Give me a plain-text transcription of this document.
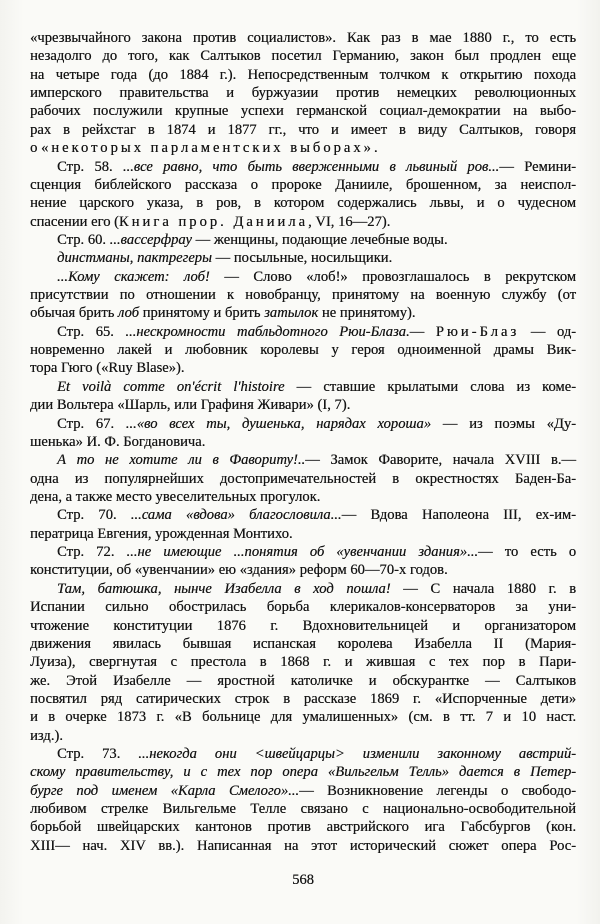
«чрезвычайного закона против социалистов». Как раз в мае 1880 г., то есть
незадолго до того, как Салтыков посетил Германию, закон был продлен еще
на четыре года (до 1884 г.). Непосредственным толчком к открытию похода
имперского правительства и буржуазии против немецких революционных
рабочих послужили крупные успехи германской социал-демократии на выбо-
рах в рейхстаг в 1874 и 1877 гг., что и имеет в виду Салтыков, говоря
о «некоторых парламентских выборах».
Стр. 58. ...все равно, что быть вверженными в львиный ров...— Ремини-
сценция библейского рассказа о пророке Данииле, брошенном, за неиспол-
нение царского указа, в ров, в котором содержались львы, и о чудесном
спасении его (Книга прор. Даниила, VI, 16—27).
Стр. 60. ...вассерфрау — женщины, подающие лечебные воды.
динстманы, пактрегеры — посыльные, носильщики.
...Кому скажет: лоб! — Слово «лоб!» провозглашалось в рекрутском
присутствии по отношении к новобранцу, принятому на военную службу (от
обычая брить лоб принятому и брить затылок не принятому).
Стр. 65. ...нескромности табльдотного Рюи-Блаза.— Рюи-Блаз — од-
новременно лакей и любовник королевы у героя одноименной драмы Вик-
тора Гюго («Ruy Blase»).
Et voilà comme on'écrit l'histoire — ставшие крылатыми слова из коме-
дии Вольтера «Шарль, или Графиня Живари» (I, 7).
Стр. 67. ...«во всех ты, душенька, нарядах хороша» — из поэмы «Ду-
шенька» И. Ф. Богдановича.
А то не хотите ли в Фавориту!..— Замок Фаворите, начала XVIII в.—
одна из популярнейших достопримечательностей в окрестностях Баден-Ба-
дена, а также место увеселительных прогулок.
Стр. 70. ...сама «вдова» благословила...— Вдова Наполеона III, ех-им-
ператрица Евгения, урожденная Монтихо.
Стр. 72. ...не имеющие ...понятия об «увенчании здания»...— то есть о
конституции, об «увенчании» ею «здания» реформ 60—70-х годов.
Там, батюшка, нынче Изабелла в ход пошла! — С начала 1880 г. в
Испании сильно обострилась борьба клерикалов-консерваторов за уни-
чтожение конституции 1876 г. Вдохновительницей и организатором
движения явилась бывшая испанская королева Изабелла II (Мария-
Луиза), свергнутая с престола в 1868 г. и жившая с тех пор в Пари-
же. Этой Изабелле — яростной католичке и обскурантке — Салтыков
посвятил ряд сатирических строк в рассказе 1869 г. «Испорченные дети»
и в очерке 1873 г. «В больнице для умалишенных» (см. в тт. 7 и 10 наст.
изд.).
Стр. 73. ...некогда они <швейцарцы> изменили законному австрий-
скому правительству, и с тех пор опера «Вильгельм Телль» дается в Петер-
бурге под именем «Карла Смелого»...— Возникновение легенды о свободо-
любивом стрелке Вильгельме Телле связано с национально-освободительной
борьбой швейцарских кантонов против австрийского ига Габсбургов (кон.
XIII— нач. XIV вв.). Написанная на этот исторический сюжет опера Рос-
568
